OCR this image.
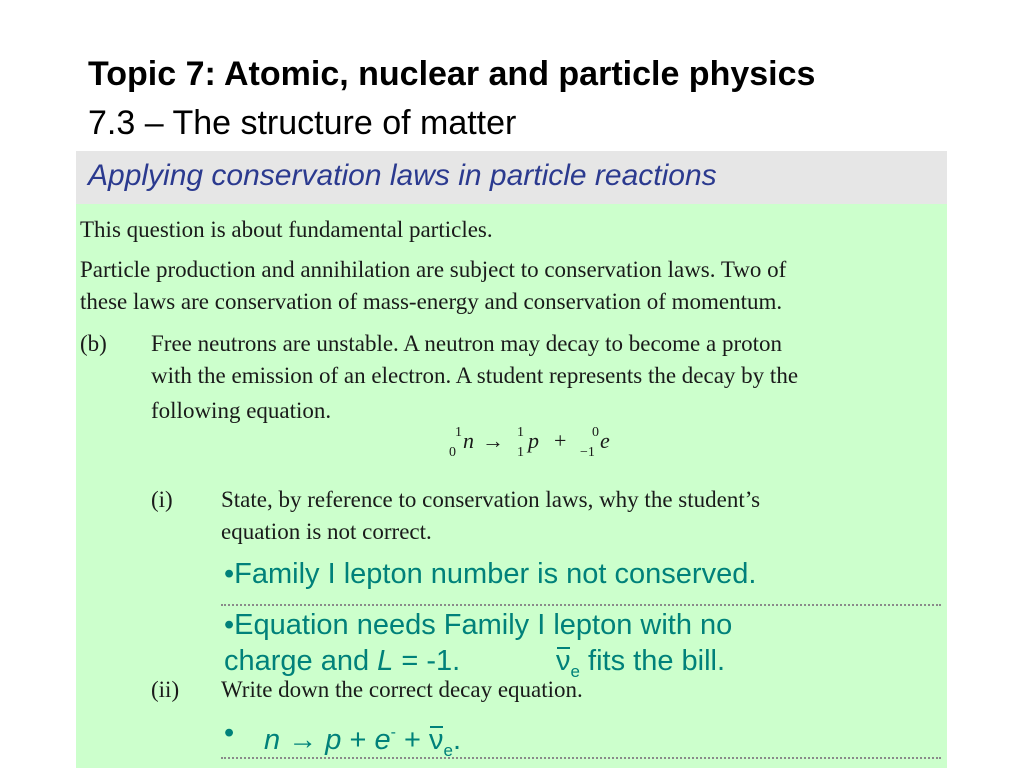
Topic 7: Atomic, nuclear and particle physics
7.3 – The structure of matter
Applying conservation laws in particle reactions
This question is about fundamental particles.
Particle production and annihilation are subject to conservation laws. Two of
these laws are conservation of mass-energy and conservation of momentum.
(b) Free neutrons are unstable. A neutron may decay to become a proton
with the emission of an electron. A student represents the decay by the
following equation.
1
0 n → 1
1 p + 0
−1 e
(i) State, by reference to conservation laws, why the student’s
equation is not correct.
•Family I lepton number is not conserved.
•Equation needs Family I lepton with no
charge and L = -1.	$\nu_e$ fits the bill.
(ii) Write down the correct decay equation.
• $n \to p + e^- + \nu_e$.
